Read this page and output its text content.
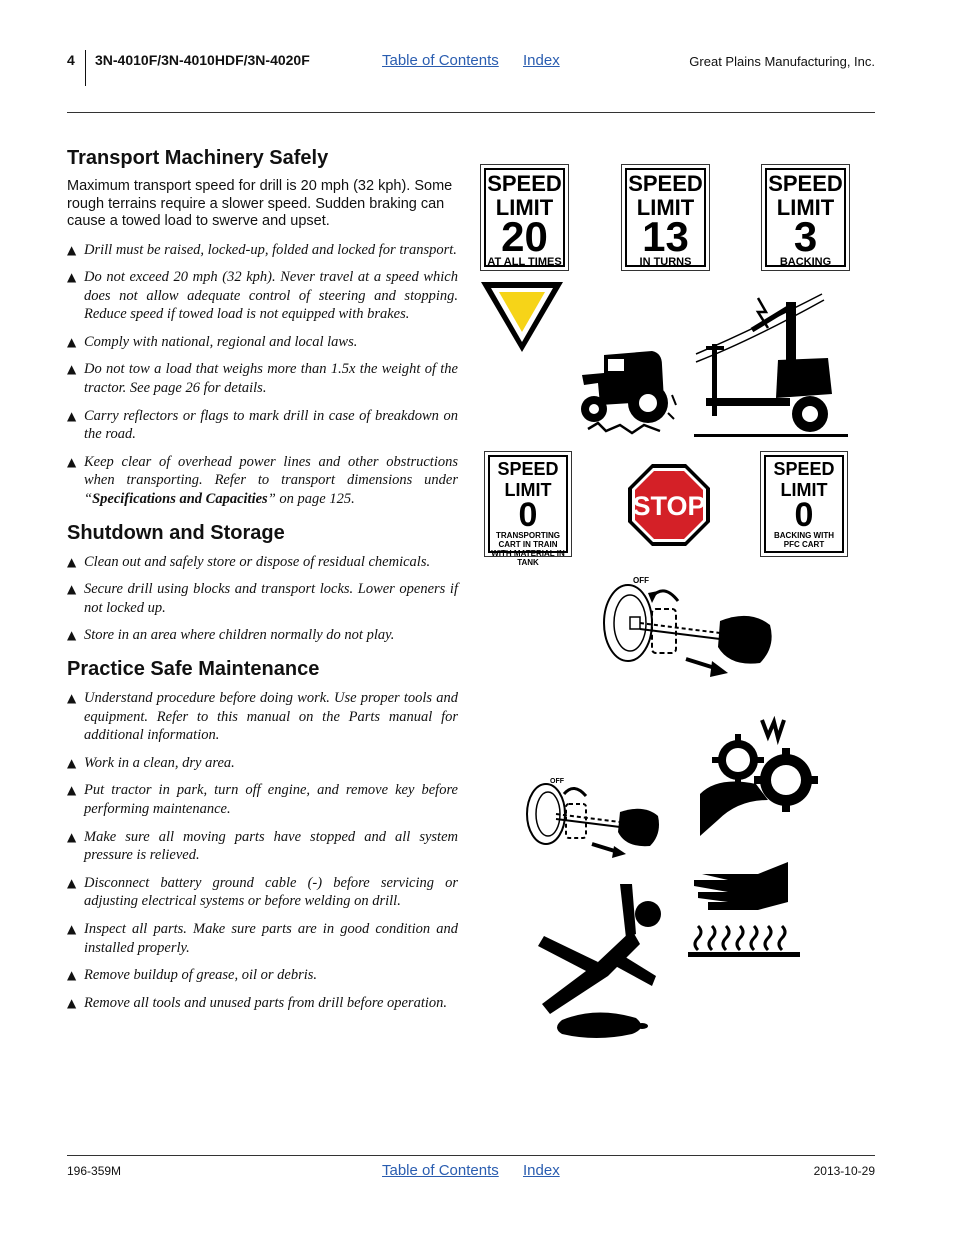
4 3N-4010F/3N-4010HDF/3N-4020F	Table of Contents Index	Great Plains Manufacturing, Inc.
Transport Machinery Safely

Maximum transport speed for drill is 20 mph (32 kph). Some rough terrains require a slower speed. Sudden braking can cause a towed load to swerve and upset.

▲ Drill must be raised, locked-up, folded and locked for transport.
▲ Do not exceed 20 mph (32 kph). Never travel at a speed which does not allow adequate control of steering and stopping. Reduce speed if towed load is not equipped with brakes.
▲ Comply with national, regional and local laws.
▲ Do not tow a load that weighs more than 1.5x the weight of the tractor. See page 26 for details.
▲ Carry reflectors or flags to mark drill in case of breakdown on the road.
▲ Keep clear of overhead power lines and other obstructions when transporting. Refer to transport dimensions under “Specifications and Capacities” on page 125.
Shutdown and Storage
▲ Clean out and safely store or dispose of residual chemicals.
▲ Secure drill using blocks and transport locks. Lower openers if not locked up.
▲ Store in an area where children normally do not play.
Practice Safe Maintenance
▲ Understand procedure before doing work. Use proper tools and equipment. Refer to this manual on the Parts manual for additional information.
▲ Work in a clean, dry area.
▲ Put tractor in park, turn off engine, and remove key before performing maintenance.
▲ Make sure all moving parts have stopped and all system pressure is relieved.
▲ Disconnect battery ground cable (-) before servicing or adjusting electrical systems or before welding on drill.
▲ Inspect all parts. Make sure parts are in good condition and installed properly.
▲ Remove buildup of grease, oil or debris.
▲ Remove all tools and unused parts from drill before operation.
SPEED
LIMIT
20
AT ALL TIMES
SPEED
LIMIT
13
IN TURNS
SPEED
LIMIT
3
BACKING
SPEED
LIMIT
0
TRANSPORTING CART IN TRAIN WITH MATERIAL IN TANK
STOP
SPEED
LIMIT
0
BACKING WITH PFC CART
OFF
OFF
196-359M	Table of Contents Index	2013-10-29
